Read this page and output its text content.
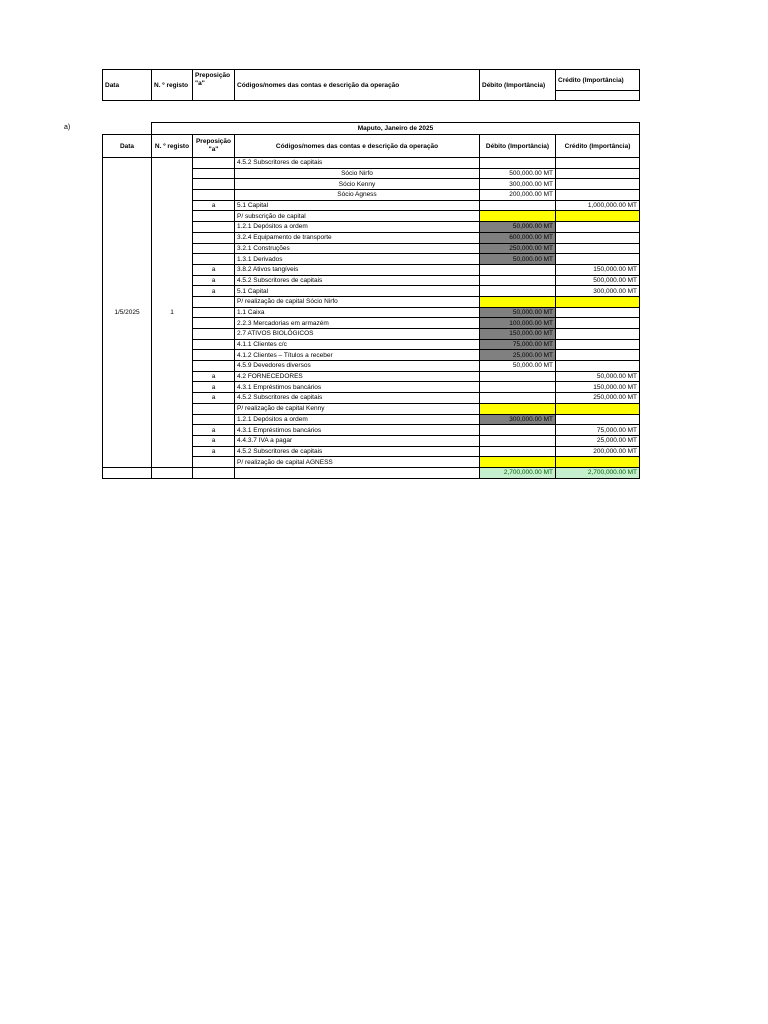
Data	N. º registo	Preposição "a"	Códigos/nomes das contas e descrição da operação	Débito (Importância)	Crédito (Importância)

a)
		Maputo, Janeiro de 2025				
Data	N. º registo	Preposição "a"	Códigos/nomes das contas e descrição da operação	Débito (Importância)	Crédito (Importância)
1/5/2025	1		4.5.2 Subscritores de capitais		
			Sócio Nirfo	500,000.00 MT	
			Sócio Kenny	300,000.00 MT	
			Sócio Agness	200,000.00 MT	
		a	5.1 Capital		1,000,000.00 MT
			P/ subscrição de capital		
			1.2.1 Depósitos a ordem	50,000.00 MT	
			3.2.4 Equipamento de transporte	600,000.00 MT	
			3.2.1 Construções	250,000.00 MT	
			1.3.1 Derivados	50,000.00 MT	
		a	3.8.2 Ativos tangíveis		150,000.00 MT
		a	4.5.2 Subscritores de capitais		500,000.00 MT
		a	5.1 Capital		300,000.00 MT
			P/ realização de capital Sócio Nirfo		
			1.1 Caixa	50,000.00 MT	
			2.2.3 Mercadorias em armazém	100,000.00 MT	
			2.7 ATIVOS BIOLÓGICOS	150,000.00 MT	
			4.1.1 Clientes c/c	75,000.00 MT	
			4.1.2 Clientes – Títulos a receber	25,000.00 MT	
			4.5.9 Devedores diversos	50,000.00 MT	
		a	4.2 FORNECEDORES		50,000.00 MT
		a	4.3.1 Empréstimos bancários		150,000.00 MT
		a	4.5.2 Subscritores de capitais		250,000.00 MT
			P/ realização de capital Kenny		
			1.2.1 Depósitos a ordem	300,000.00 MT	
		a	4.3.1 Empréstimos bancários		75,000.00 MT
		a	4.4.3.7 IVA a pagar		25,000.00 MT
		a	4.5.2 Subscritores de capitais		200,000.00 MT
			P/ realização de capital AGNESS		
				2,700,000.00 MT	2,700,000.00 MT
